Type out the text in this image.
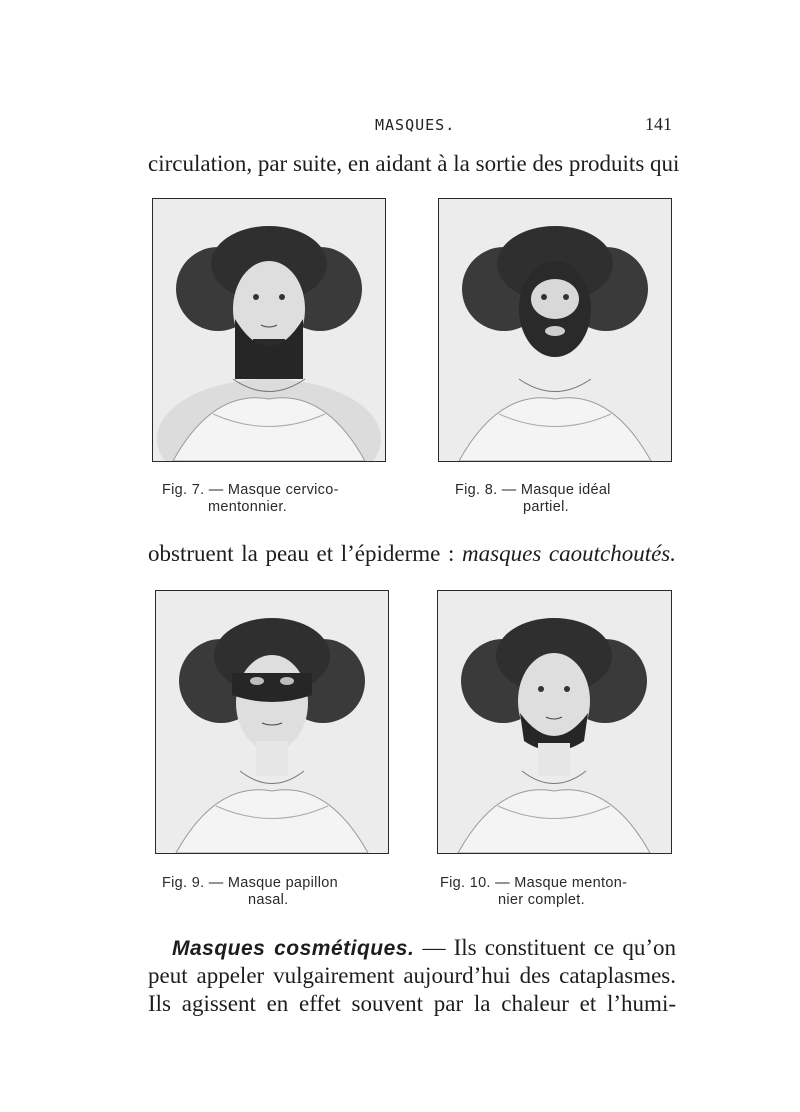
MASQUES.	141
circulation, par suite, en aidant à la sortie des produits qui
Fig. 7. — Masque cervico-
mentonnier.
Fig. 8. — Masque idéal
partiel.
obstruent la peau et l’épiderme : masques caoutchoutés.
Fig. 9. — Masque papillon
nasal.
Fig. 10. — Masque menton-
nier complet.
Masques cosmétiques. — Ils constituent ce qu’on
peut appeler vulgairement aujourd’hui des cataplasmes.
Ils agissent en effet souvent par la chaleur et l’humi-
